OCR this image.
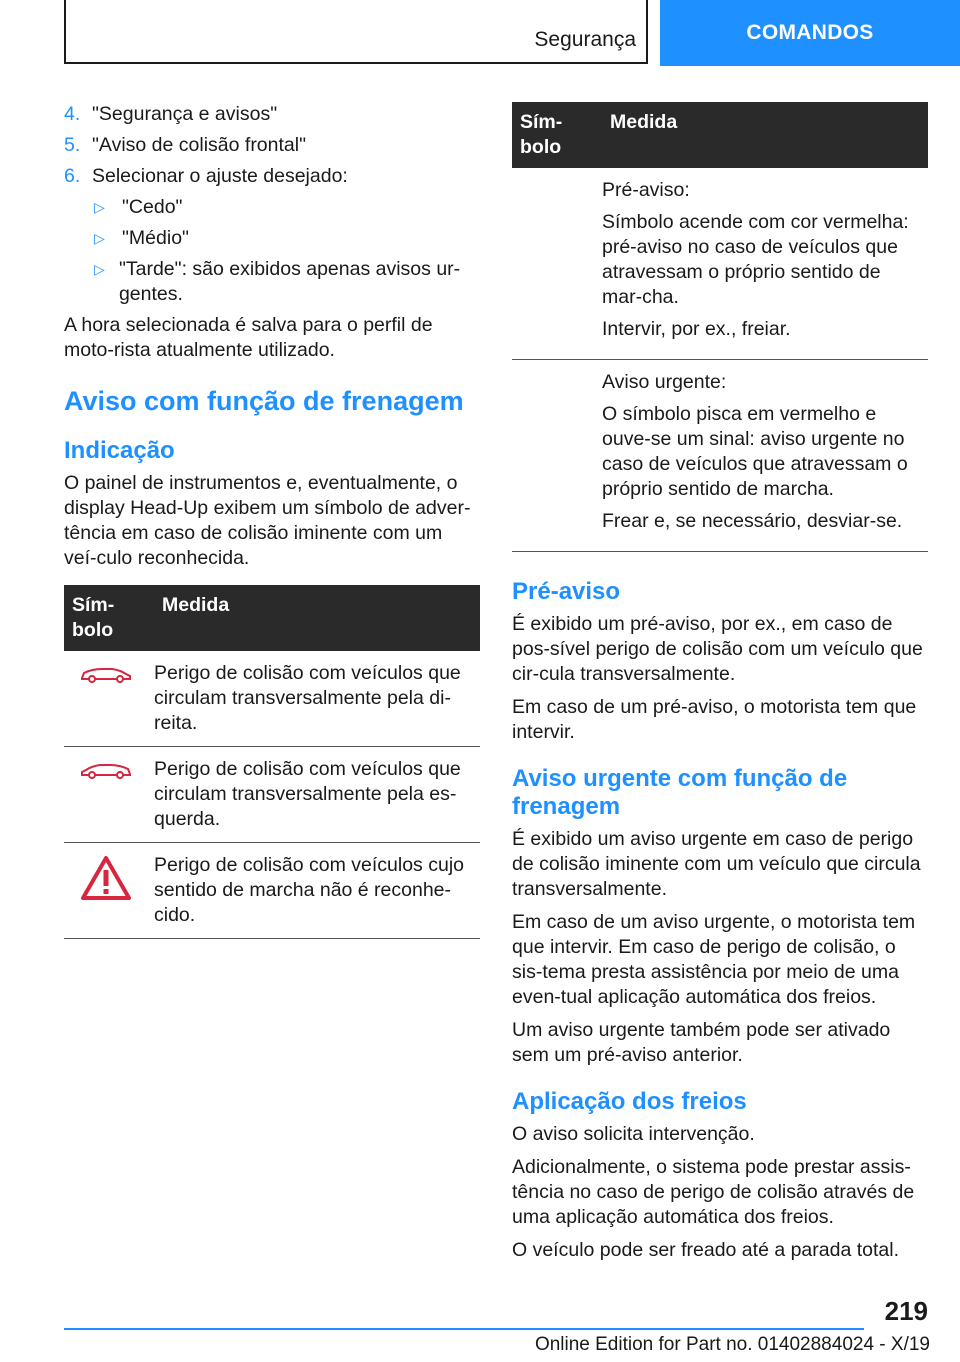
Segurança	COMANDOS
4. "Segurança e avisos"
5. "Aviso de colisão frontal"
6. Selecionar o ajuste desejado:
▷ "Cedo"
▷ "Médio"
▷ "Tarde": são exibidos apenas avisos ur-gentes.

A hora selecionada é salva para o perfil de moto-rista atualmente utilizado.

Aviso com função de frenagem
Indicação

O painel de instrumentos e, eventualmente, o display Head-Up exibem um símbolo de adver-tência em caso de colisão iminente com um veí-culo reconhecida.

Sím-bolo	Medida
	Perigo de colisão com veículos que circulam transversalmente pela di-reita.
	Perigo de colisão com veículos que circulam transversalmente pela es-querda.
	Perigo de colisão com veículos cujo sentido de marcha não é reconhe-cido.
Sím-bolo	Medida

	Pré-aviso:

Símbolo acende com cor vermelha: pré-aviso no caso de veículos que atravessam o próprio sentido de mar-cha.

Intervir, por ex., freiar.

	Aviso urgente:

O símbolo pisca em vermelho e ouve-se um sinal: aviso urgente no caso de veículos que atravessam o próprio sentido de marcha.

Frear e, se necessário, desviar-se.

Pré-aviso

É exibido um pré-aviso, por ex., em caso de pos-sível perigo de colisão com um veículo que cir-cula transversalmente.

Em caso de um pré-aviso, o motorista tem que intervir.

Aviso urgente com função de frenagem

É exibido um aviso urgente em caso de perigo de colisão iminente com um veículo que circula transversalmente.

Em caso de um aviso urgente, o motorista tem que intervir. Em caso de perigo de colisão, o sis-tema presta assistência por meio de uma even-tual aplicação automática dos freios.

Um aviso urgente também pode ser ativado sem um pré-aviso anterior.

Aplicação dos freios

O aviso solicita intervenção.

Adicionalmente, o sistema pode prestar assis-tência no caso de perigo de colisão através de uma aplicação automática dos freios.

O veículo pode ser freado até a parada total.

219
Online Edition for Part no. 01402884024 - X/19
